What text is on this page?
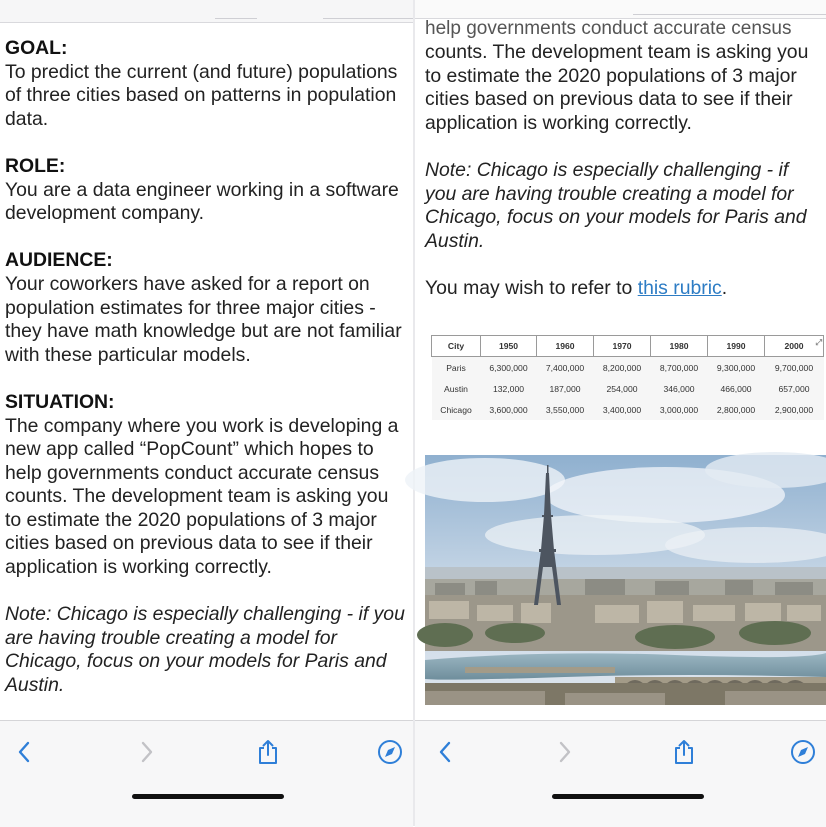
GOAL:
To predict the current (and future) populations of three cities based on patterns in population data.

ROLE:
You are a data engineer working in a software development company.

AUDIENCE:
Your coworkers have asked for a report on population estimates for three major cities - they have math knowledge but are not familiar with these particular models.

SITUATION:
The company where you work is developing a new app called “PopCount” which hopes to help governments conduct accurate census counts. The development team is asking you to estimate the 2020 populations of 3 major cities based on previous data to see if their application is working correctly.

Note: Chicago is especially challenging - if you are having trouble creating a model for Chicago, focus on your models for Paris and Austin.

help governments conduct accurate census

counts. The development team is asking you to estimate the 2020 populations of 3 major cities based on previous data to see if their application is working correctly.

Note: Chicago is especially challenging - if you are having trouble creating a model for Chicago, focus on your models for Paris and Austin.

You may wish to refer to this rubric.

City	1950	1960	1970	1980	1990	2000 ⤢

Paris	6,300,000	7,400,000	8,200,000	8,700,000	9,300,000	9,700,000
Austin	132,000	187,000	254,000	346,000	466,000	657,000
Chicago	3,600,000	3,550,000	3,400,000	3,000,000	2,800,000	2,900,000
